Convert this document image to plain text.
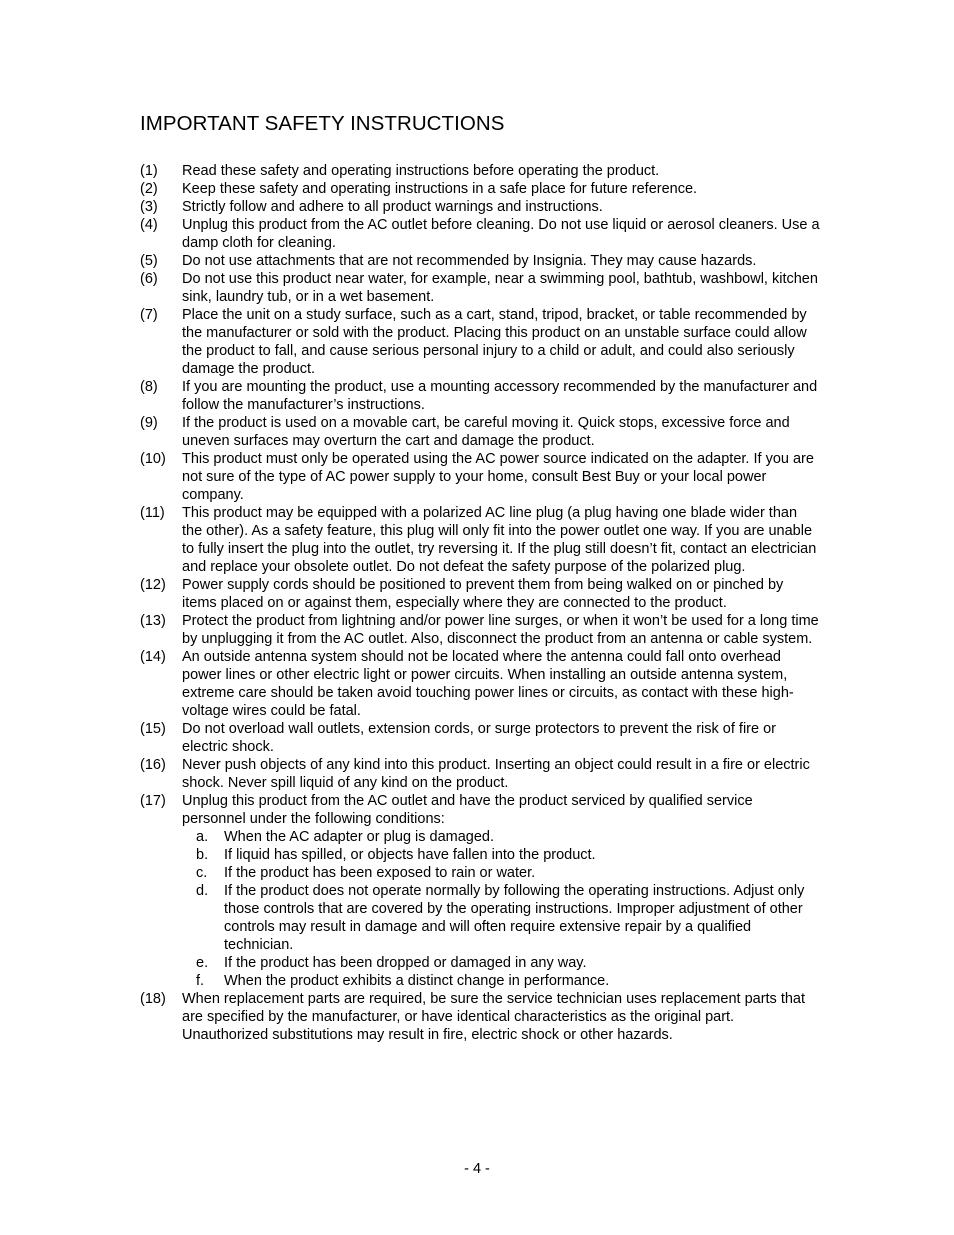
IMPORTANT SAFETY INSTRUCTIONS
(1)	Read these safety and operating instructions before operating the product.
(2)	Keep these safety and operating instructions in a safe place for future reference.
(3)	Strictly follow and adhere to all product warnings and instructions.
(4)	Unplug this product from the AC outlet before cleaning. Do not use liquid or aerosol cleaners. Use a damp cloth for cleaning.
(5)	Do not use attachments that are not recommended by Insignia. They may cause hazards.
(6)	Do not use this product near water, for example, near a swimming pool, bathtub, washbowl, kitchen sink, laundry tub, or in a wet basement.
(7)	Place the unit on a study surface, such as a cart, stand, tripod, bracket, or table recommended by the manufacturer or sold with the product. Placing this product on an unstable surface could allow the product to fall, and cause serious personal injury to a child or adult, and could also seriously damage the product.
(8)	If you are mounting the product, use a mounting accessory recommended by the manufacturer and follow the manufacturer’s instructions.
(9)	If the product is used on a movable cart, be careful moving it. Quick stops, excessive force and uneven surfaces may overturn the cart and damage the product.
(10)	This product must only be operated using the AC power source indicated on the adapter. If you are not sure of the type of AC power supply to your home, consult Best Buy or your local power company.
(11)	This product may be equipped with a polarized AC line plug (a plug having one blade wider than the other). As a safety feature, this plug will only fit into the power outlet one way. If you are unable to fully insert the plug into the outlet, try reversing it. If the plug still doesn’t fit, contact an electrician and replace your obsolete outlet. Do not defeat the safety purpose of the polarized plug.
(12)	Power supply cords should be positioned to prevent them from being walked on or pinched by items placed on or against them, especially where they are connected to the product.
(13)	Protect the product from lightning and/or power line surges, or when it won’t be used for a long time by unplugging it from the AC outlet. Also, disconnect the product from an antenna or cable system.
(14)	An outside antenna system should not be located where the antenna could fall onto overhead power lines or other electric light or power circuits. When installing an outside antenna system, extreme care should be taken avoid touching power lines or circuits, as contact with these high-voltage wires could be fatal.
(15)	Do not overload wall outlets, extension cords, or surge protectors to prevent the risk of fire or electric shock.
(16)	Never push objects of any kind into this product. Inserting an object could result in a fire or electric shock. Never spill liquid of any kind on the product.
(17)	Unplug this product from the AC outlet and have the product serviced by qualified service personnel under the following conditions:
a.	When the AC adapter or plug is damaged.
b.	If liquid has spilled, or objects have fallen into the product.
c.	If the product has been exposed to rain or water.
d.	If the product does not operate normally by following the operating instructions. Adjust only those controls that are covered by the operating instructions. Improper adjustment of other controls may result in damage and will often require extensive repair by a qualified technician.
e.	If the product has been dropped or damaged in any way.
f.	When the product exhibits a distinct change in performance.
(18)	When replacement parts are required, be sure the service technician uses replacement parts that are specified by the manufacturer, or have identical characteristics as the original part. Unauthorized substitutions may result in fire, electric shock or other hazards.
- 4 -
